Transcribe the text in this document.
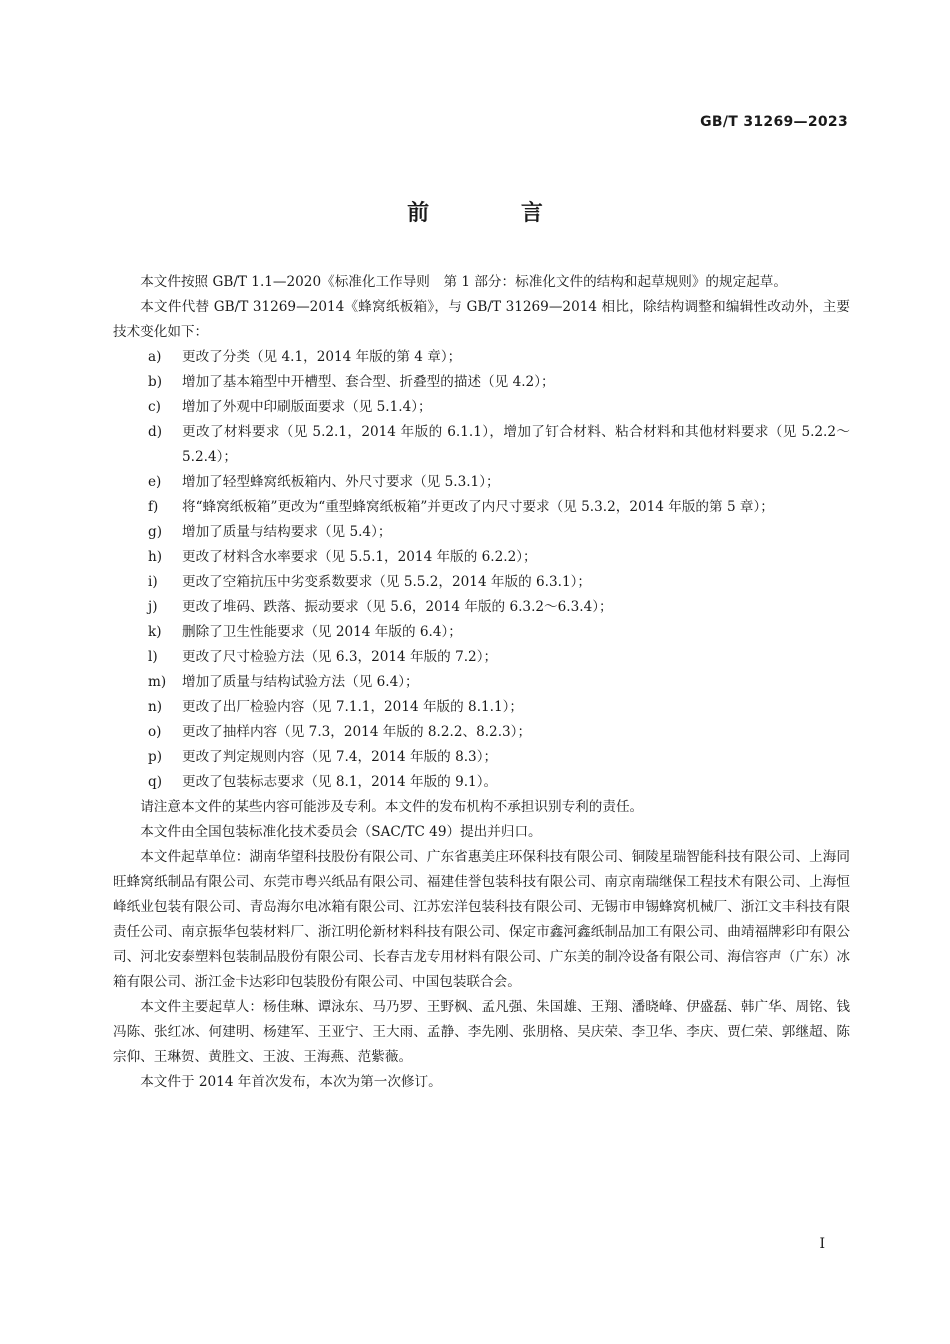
GB/T 31269—2023
前 言

本文件按照 GB/T 1.1—2020《标准化工作导则　第 1 部分：标准化文件的结构和起草规则》的规定起草。

本文件代替 GB/T 31269—2014《蜂窝纸板箱》，与 GB/T 31269—2014 相比，除结构调整和编辑性改动外，主要技术变化如下：

a)	更改了分类（见 4.1，2014 年版的第 4 章）；
b)	增加了基本箱型中开槽型、套合型、折叠型的描述（见 4.2）；
c)	增加了外观中印刷版面要求（见 5.1.4）；
d)	更改了材料要求（见 5.2.1，2014 年版的 6.1.1），增加了钉合材料、粘合材料和其他材料要求（见 5.2.2～5.2.4）；
e)	增加了轻型蜂窝纸板箱内、外尺寸要求（见 5.3.1）；
f)	将“蜂窝纸板箱”更改为“重型蜂窝纸板箱”并更改了内尺寸要求（见 5.3.2，2014 年版的第 5 章）；
g)	增加了质量与结构要求（见 5.4）；
h)	更改了材料含水率要求（见 5.5.1，2014 年版的 6.2.2）；
i)	更改了空箱抗压中劣变系数要求（见 5.5.2，2014 年版的 6.3.1）；
j)	更改了堆码、跌落、振动要求（见 5.6，2014 年版的 6.3.2～6.3.4）；
k)	删除了卫生性能要求（见 2014 年版的 6.4）；
l)	更改了尺寸检验方法（见 6.3，2014 年版的 7.2）；
m)	增加了质量与结构试验方法（见 6.4）；
n)	更改了出厂检验内容（见 7.1.1，2014 年版的 8.1.1）；
o)	更改了抽样内容（见 7.3，2014 年版的 8.2.2、8.2.3）；
p)	更改了判定规则内容（见 7.4，2014 年版的 8.3）；
q)	更改了包装标志要求（见 8.1，2014 年版的 9.1）。

请注意本文件的某些内容可能涉及专利。本文件的发布机构不承担识别专利的责任。

本文件由全国包装标准化技术委员会（SAC/TC 49）提出并归口。

本文件起草单位：湖南华望科技股份有限公司、广东省惠美庄环保科技有限公司、铜陵星瑞智能科技有限公司、上海同旺蜂窝纸制品有限公司、东莞市粤兴纸品有限公司、福建佳誉包装科技有限公司、南京南瑞继保工程技术有限公司、上海恒峰纸业包装有限公司、青岛海尔电冰箱有限公司、江苏宏洋包装科技有限公司、无锡市申锡蜂窝机械厂、浙江文丰科技有限责任公司、南京振华包装材料厂、浙江明伦新材料科技有限公司、保定市鑫河鑫纸制品加工有限公司、曲靖福牌彩印有限公司、河北安泰塑料包装制品股份有限公司、长春吉龙专用材料有限公司、广东美的制冷设备有限公司、海信容声（广东）冰箱有限公司、浙江金卡达彩印包装股份有限公司、中国包装联合会。

本文件主要起草人：杨佳琳、谭泳东、马乃罗、王野枫、孟凡强、朱国雄、王翔、潘晓峰、伊盛磊、韩广华、周铭、钱冯陈、张红冰、何建明、杨建军、王亚宁、王大雨、孟静、李先刚、张朋格、吴庆荣、李卫华、李庆、贾仁荣、郭继超、陈宗仰、王琳贺、黄胜文、王波、王海燕、范紫薇。

本文件于 2014 年首次发布，本次为第一次修订。

I
